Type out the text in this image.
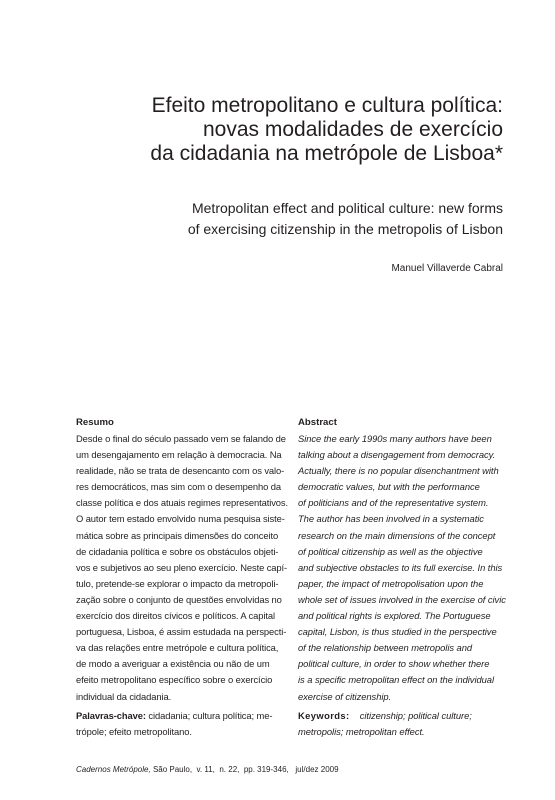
Efeito metropolitano e cultura política:
novas modalidades de exercício
da cidadania na metrópole de Lisboa*
Metropolitan effect and political culture: new forms
of exercising citizenship in the metropolis of Lisbon
Manuel Villaverde Cabral
Resumo
Desde o final do século passado vem se falando de
um desengajamento em relação à democracia. Na
realidade, não se trata de desencanto com os valo-
res democráticos, mas sim com o desempenho da
classe política e dos atuais regimes representativos.
O autor tem estado envolvido numa pesquisa siste-
mática sobre as principais dimensões do conceito
de cidadania política e sobre os obstáculos objeti-
vos e subjetivos ao seu pleno exercício. Neste capí-
tulo, pretende-se explorar o impacto da metropoli-
zação sobre o conjunto de questões envolvidas no
exercício dos direitos cívicos e políticos. A capital
portuguesa, Lisboa, é assim estudada na perspecti-
va das relações entre metrópole e cultura política,
de modo a averiguar a existência ou não de um
efeito metropolitano específico sobre o exercício
individual da cidadania.
Palavras-chave: cidadania; cultura política; me-
trópole; efeito metropolitano.
Abstract
Since the early 1990s many authors have been
talking about a disengagement from democracy.
Actually, there is no popular disenchantment with
democratic values, but with the performance
of politicians and of the representative system.
The author has been involved in a systematic
research on the main dimensions of the concept
of political citizenship as well as the objective
and subjective obstacles to its full exercise. In this
paper, the impact of metropolisation upon the
whole set of issues involved in the exercise of civic
and political rights is explored. The Portuguese
capital, Lisbon, is thus studied in the perspective
of the relationship between metropolis and
political culture, in order to show whether there
is a specific metropolitan effect on the individual
exercise of citizenship.
Keywords:    citizenship; political culture;
metropolis; metropolitan effect.
Cadernos Metrópole, São Paulo,  v. 11,  n. 22,  pp. 319-346,   jul/dez 2009
